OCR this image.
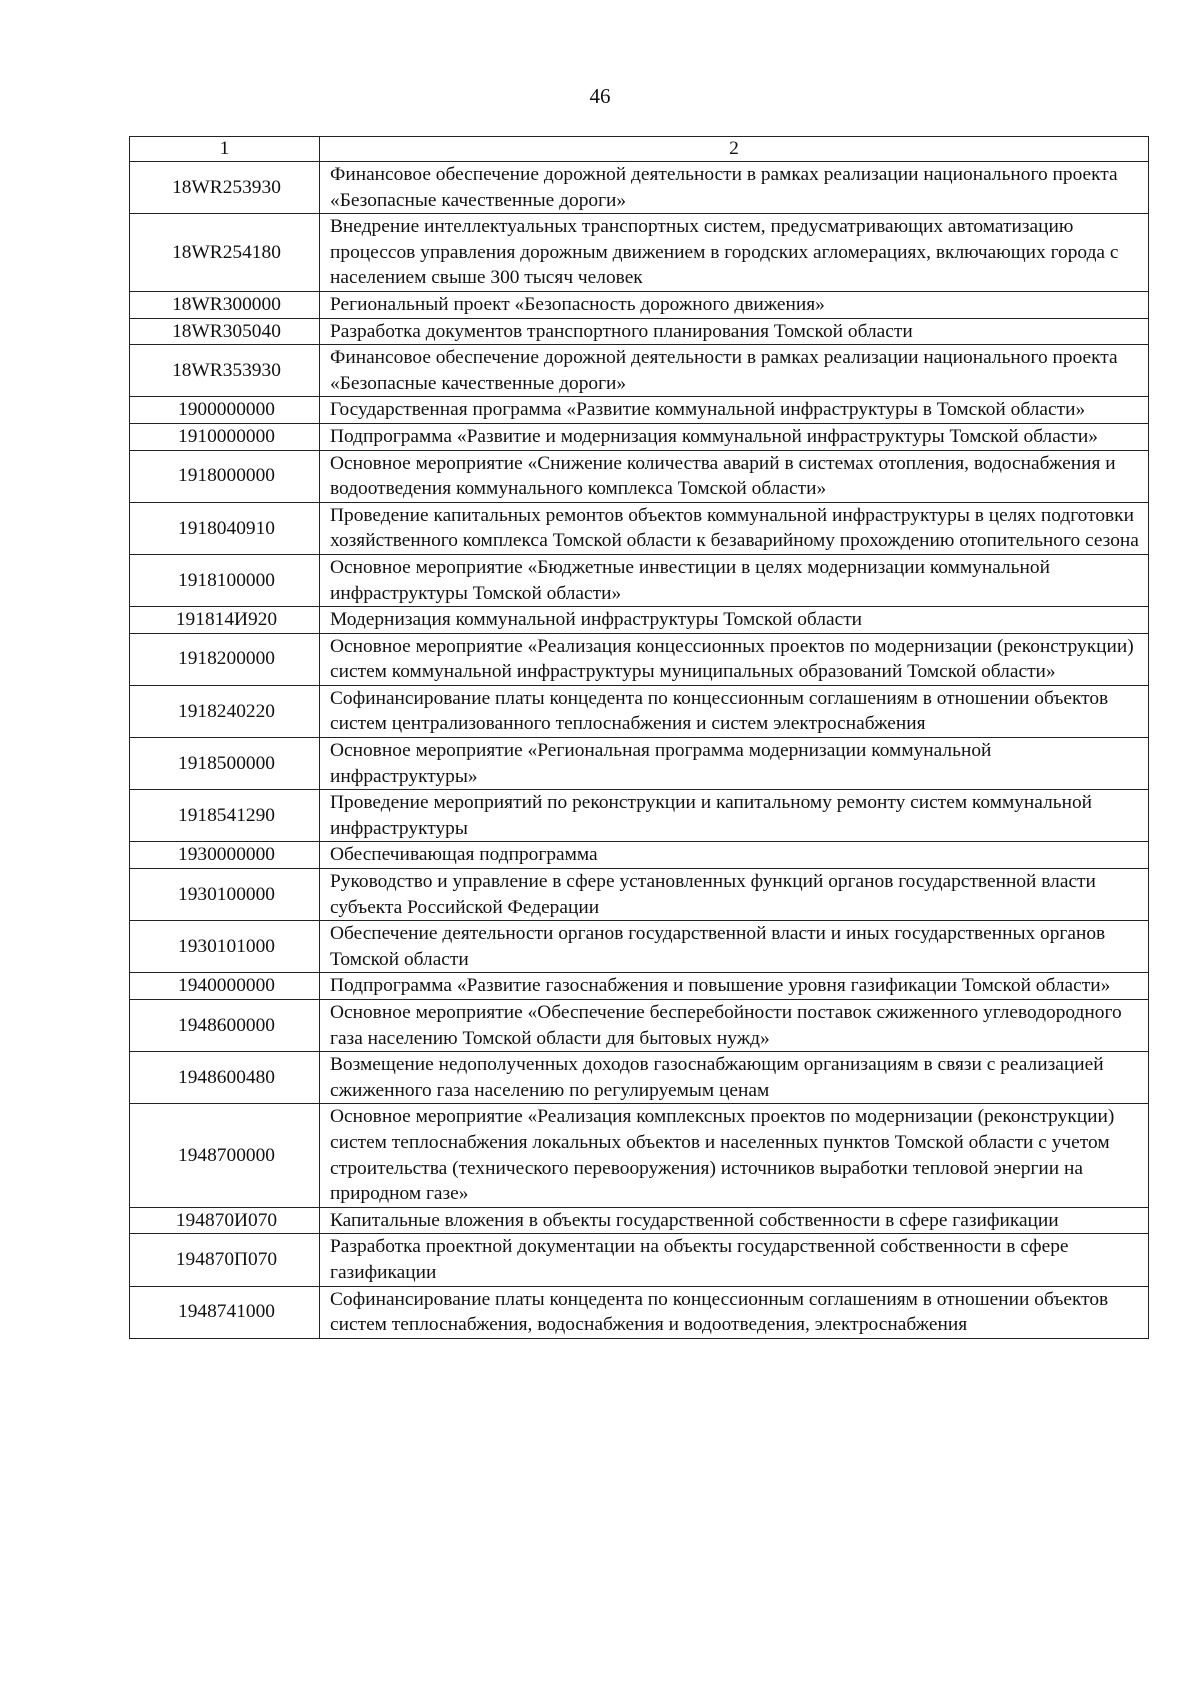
46
1	2
18WR253930	Финансовое обеспечение дорожной деятельности в рамках реализации национального проекта «Безопасные качественные дороги»
18WR254180	Внедрение интеллектуальных транспортных систем, предусматривающих автоматизацию процессов управления дорожным движением в городских агломерациях, включающих города с населением свыше 300 тысяч человек
18WR300000	Региональный проект «Безопасность дорожного движения»
18WR305040	Разработка документов транспортного планирования Томской области
18WR353930	Финансовое обеспечение дорожной деятельности в рамках реализации национального проекта «Безопасные качественные дороги»
1900000000	Государственная программа «Развитие коммунальной инфраструктуры в Томской области»
1910000000	Подпрограмма «Развитие и модернизация коммунальной инфраструктуры Томской области»
1918000000	Основное мероприятие «Снижение количества аварий в системах отопления, водоснабжения и водоотведения коммунального комплекса Томской области»
1918040910	Проведение капитальных ремонтов объектов коммунальной инфраструктуры в целях подготовки хозяйственного комплекса Томской области к безаварийному прохождению отопительного сезона
1918100000	Основное мероприятие «Бюджетные инвестиции в целях модернизации коммунальной инфраструктуры Томской области»
191814И920	Модернизация коммунальной инфраструктуры Томской области
1918200000	Основное мероприятие «Реализация концессионных проектов по модернизации (реконструкции) систем коммунальной инфраструктуры муниципальных образований Томской области»
1918240220	Софинансирование платы концедента по концессионным соглашениям в отношении объектов систем централизованного теплоснабжения и систем электроснабжения
1918500000	Основное мероприятие «Региональная программа модернизации коммунальной инфраструктуры»
1918541290	Проведение мероприятий по реконструкции и капитальному ремонту систем коммунальной инфраструктуры
1930000000	Обеспечивающая подпрограмма
1930100000	Руководство и управление в сфере установленных функций органов государственной власти субъекта Российской Федерации
1930101000	Обеспечение деятельности органов государственной власти и иных государственных органов Томской области
1940000000	Подпрограмма «Развитие газоснабжения и повышение уровня газификации Томской области»
1948600000	Основное мероприятие «Обеспечение бесперебойности поставок сжиженного углеводородного газа населению Томской области для бытовых нужд»
1948600480	Возмещение недополученных доходов газоснабжающим организациям в связи с реализацией сжиженного газа населению по регулируемым ценам
1948700000	Основное мероприятие «Реализация комплексных проектов по модернизации (реконструкции) систем теплоснабжения локальных объектов и населенных пунктов Томской области с учетом строительства (технического перевооружения) источников выработки тепловой энергии на природном газе»
194870И070	Капитальные вложения в объекты государственной собственности в сфере газификации
194870П070	Разработка проектной документации на объекты государственной собственности в сфере газификации
1948741000	Софинансирование платы концедента по концессионным соглашениям в отношении объектов систем теплоснабжения, водоснабжения и водоотведения, электроснабжения
